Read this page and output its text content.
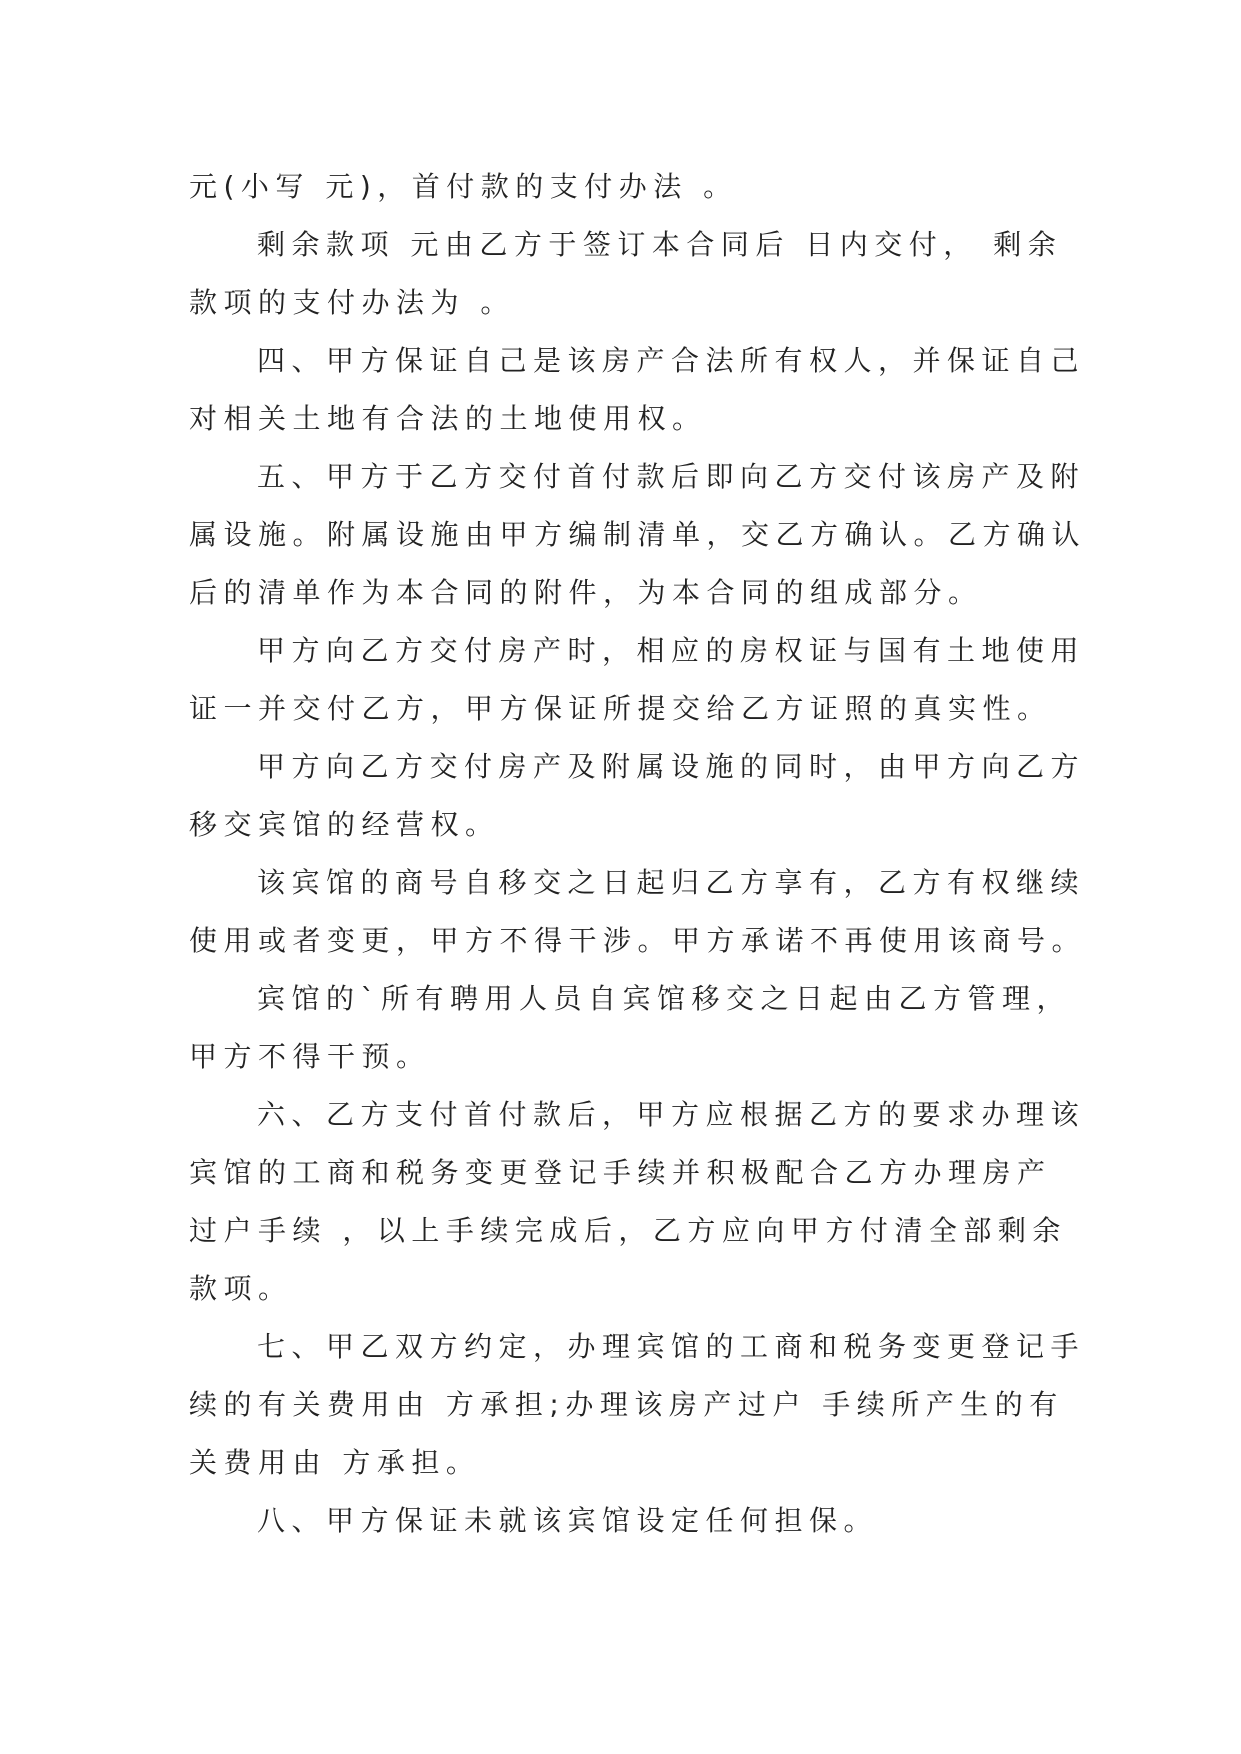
元(小写 元)，首付款的支付办法 。
剩余款项 元由乙方于签订本合同后 日内交付， 剩余
款项的支付办法为 。
四、甲方保证自己是该房产合法所有权人，并保证自己
对相关土地有合法的土地使用权。
五、甲方于乙方交付首付款后即向乙方交付该房产及附
属设施。附属设施由甲方编制清单，交乙方确认。乙方确认
后的清单作为本合同的附件，为本合同的组成部分。
甲方向乙方交付房产时，相应的房权证与国有土地使用
证一并交付乙方，甲方保证所提交给乙方证照的真实性。
甲方向乙方交付房产及附属设施的同时，由甲方向乙方
移交宾馆的经营权。
该宾馆的商号自移交之日起归乙方享有，乙方有权继续
使用或者变更，甲方不得干涉。甲方承诺不再使用该商号。
宾馆的`所有聘用人员自宾馆移交之日起由乙方管理，
甲方不得干预。
六、乙方支付首付款后，甲方应根据乙方的要求办理该
宾馆的工商和税务变更登记手续并积极配合乙方办理房产
过户手续 ，以上手续完成后，乙方应向甲方付清全部剩余
款项。
七、甲乙双方约定，办理宾馆的工商和税务变更登记手
续的有关费用由 方承担;办理该房产过户 手续所产生的有
关费用由 方承担。
八、甲方保证未就该宾馆设定任何担保。
